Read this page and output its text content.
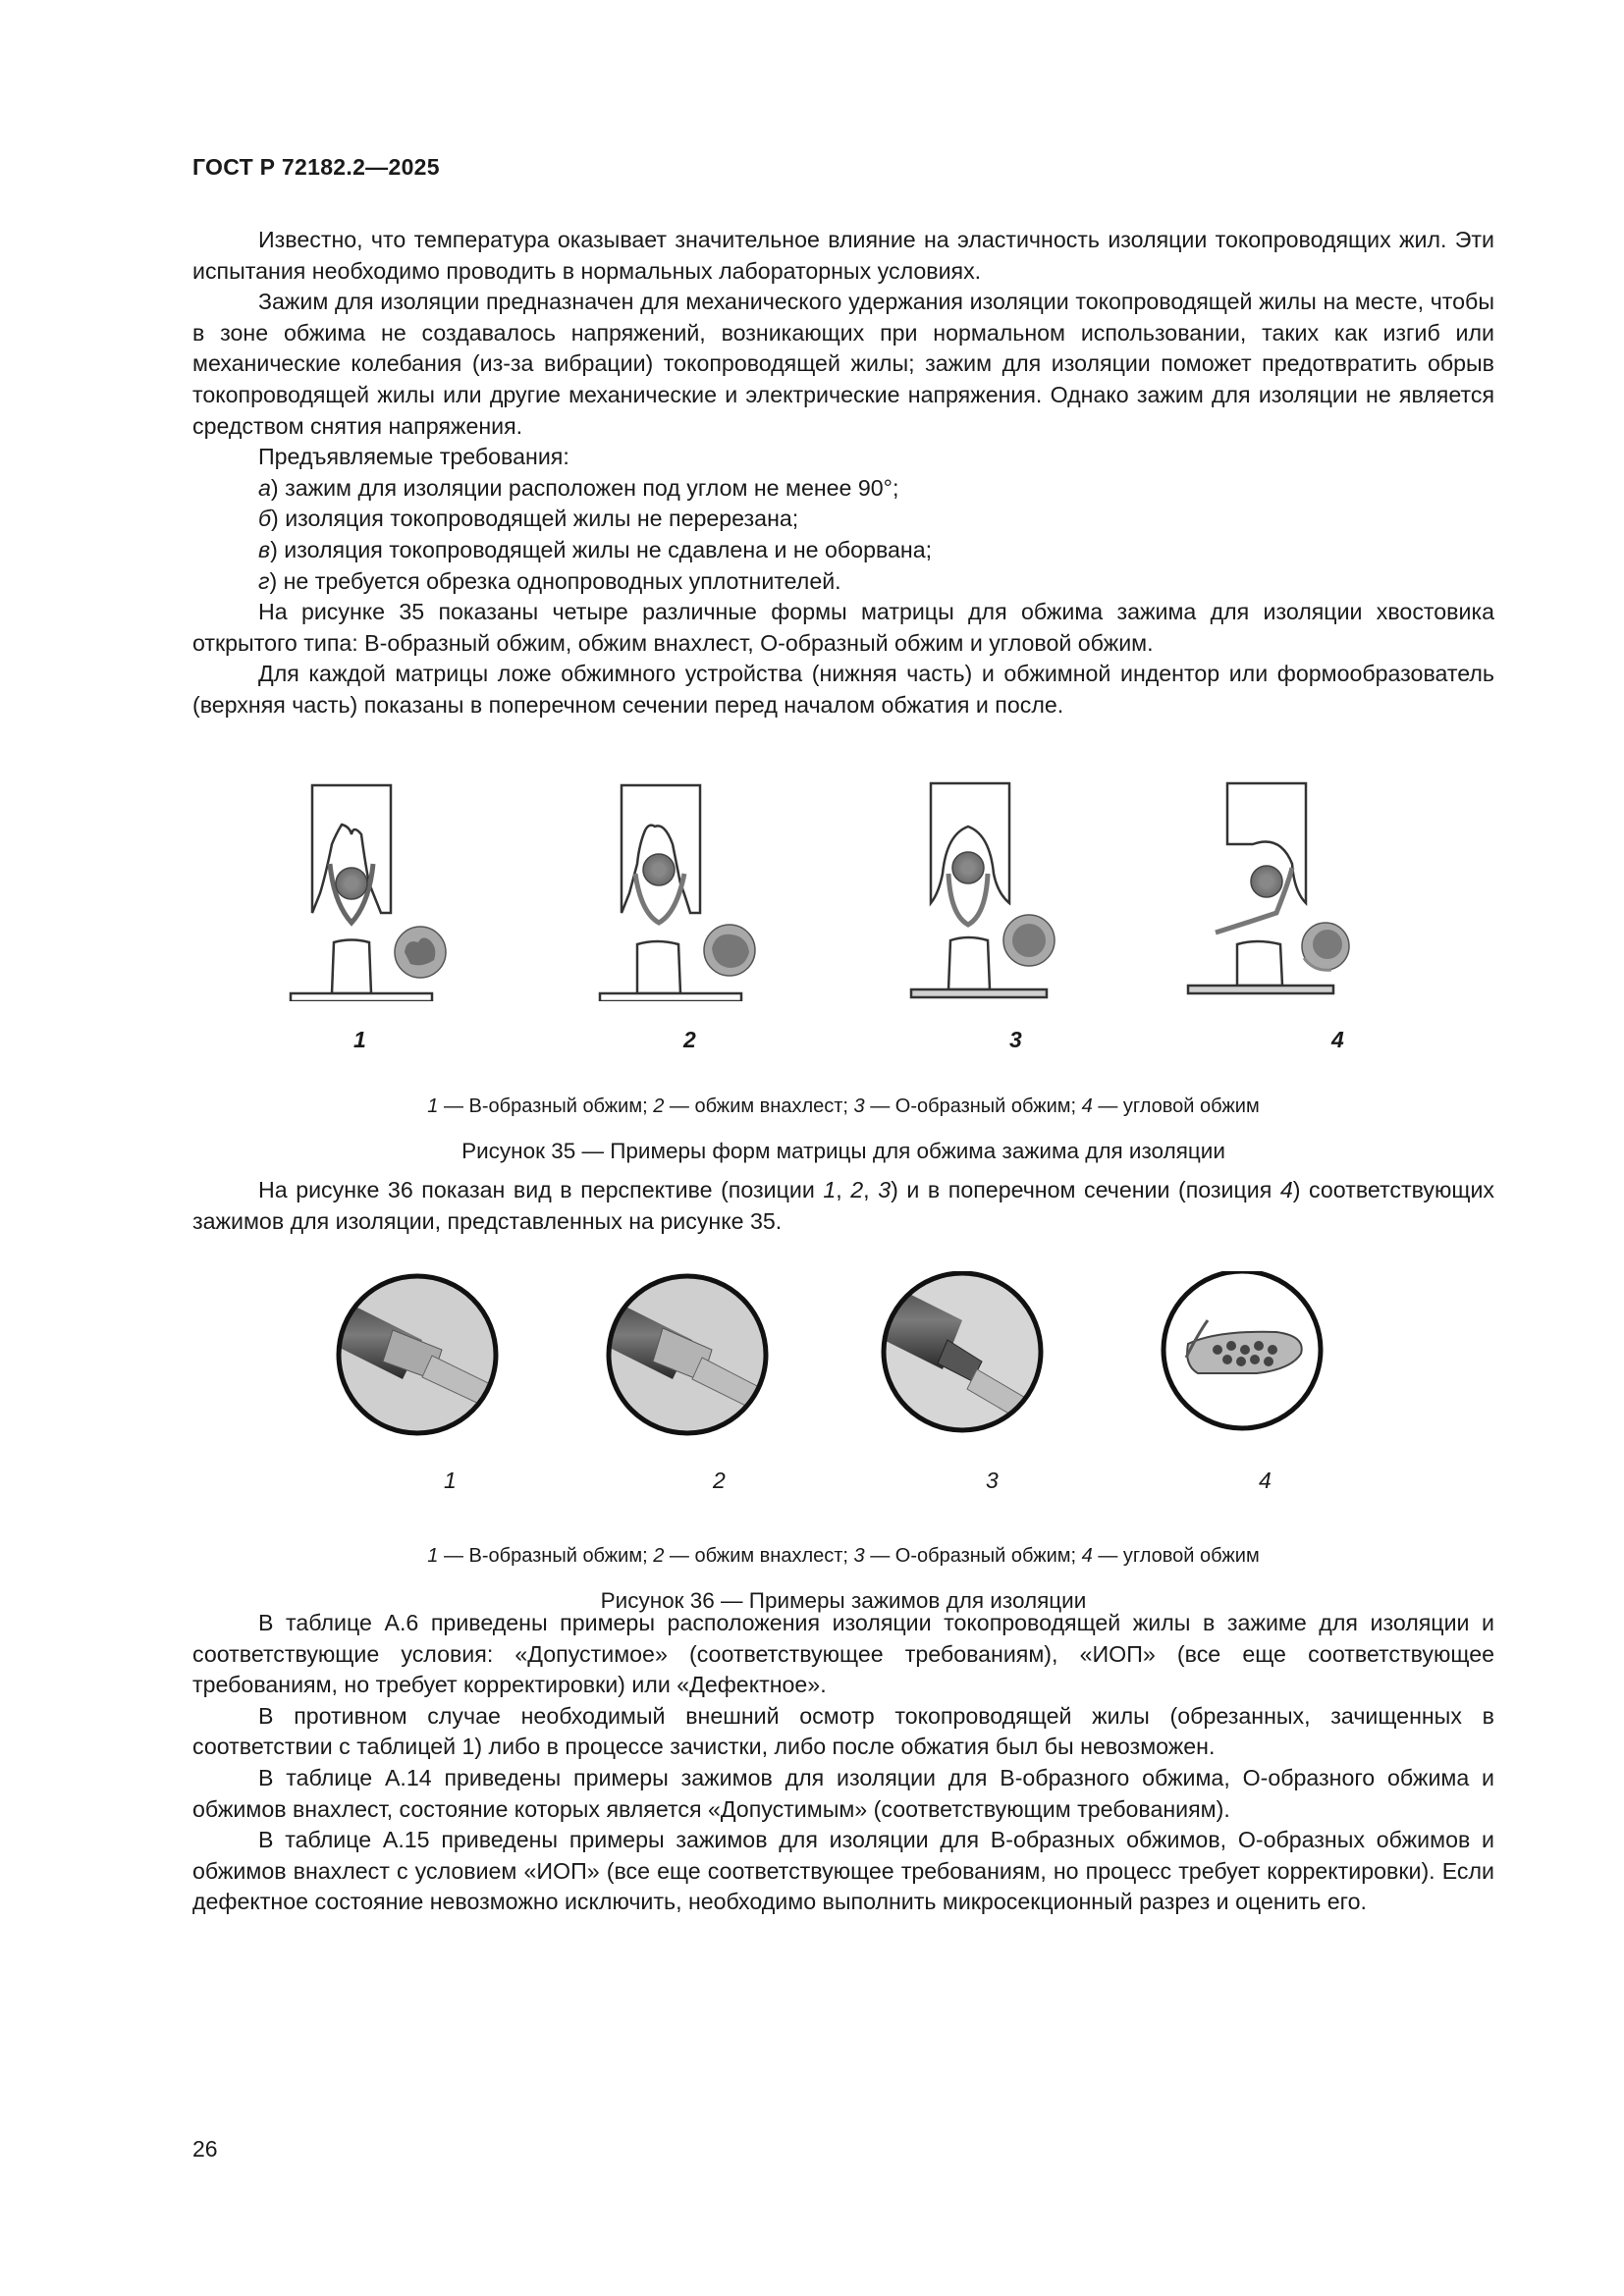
ГОСТ Р 72182.2—2025

Известно, что температура оказывает значительное влияние на эластичность изоляции токопроводящих жил. Эти испытания необходимо проводить в нормальных лабораторных условиях.

Зажим для изоляции предназначен для механического удержания изоляции токопроводящей жилы на месте, чтобы в зоне обжима не создавалось напряжений, возникающих при нормальном использовании, таких как изгиб или механические колебания (из-за вибрации) токопроводящей жилы; зажим для изоляции поможет предотвратить обрыв токопроводящей жилы или другие механические и электрические напряжения. Однако зажим для изоляции не является средством снятия напряжения.

Предъявляемые требования:

а) зажим для изоляции расположен под углом не менее 90°;

б) изоляция токопроводящей жилы не перерезана;

в) изоляция токопроводящей жилы не сдавлена и не оборвана;

г) не требуется обрезка однопроводных уплотнителей.

На рисунке 35 показаны четыре различные формы матрицы для обжима зажима для изоляции хвостовика открытого типа: В-образный обжим, обжим внахлест, О-образный обжим и угловой обжим.

Для каждой матрицы ложе обжимного устройства (нижняя часть) и обжимной индентор или формообразователь (верхняя часть) показаны в поперечном сечении перед началом обжатия и после.

1	2	3	4
1 — В-образный обжим; 2 — обжим внахлест; 3 — О-образный обжим; 4 — угловой обжим
Рисунок 35 — Примеры форм матрицы для обжима зажима для изоляции

На рисунке 36 показан вид в перспективе (позиции 1, 2, 3) и в поперечном сечении (позиция 4) соответствующих зажимов для изоляции, представленных на рисунке 35.

1	2	3	4
1 — В-образный обжим; 2 — обжим внахлест; 3 — О-образный обжим; 4 — угловой обжим
Рисунок 36 — Примеры зажимов для изоляции

В таблице А.6 приведены примеры расположения изоляции токопроводящей жилы в зажиме для изоляции и соответствующие условия: «Допустимое» (соответствующее требованиям), «ИОП» (все еще соответствующее требованиям, но требует корректировки) или «Дефектное».

В противном случае необходимый внешний осмотр токопроводящей жилы (обрезанных, зачищенных в соответствии с таблицей 1) либо в процессе зачистки, либо после обжатия был бы невозможен.

В таблице А.14 приведены примеры зажимов для изоляции для В-образного обжима, О-образного обжима и обжимов внахлест, состояние которых является «Допустимым» (соответствующим требованиям).

В таблице А.15 приведены примеры зажимов для изоляции для В-образных обжимов, О-образных обжимов и обжимов внахлест с условием «ИОП» (все еще соответствующее требованиям, но процесс требует корректировки). Если дефектное состояние невозможно исключить, необходимо выполнить микросекционный разрез и оценить его.

26
